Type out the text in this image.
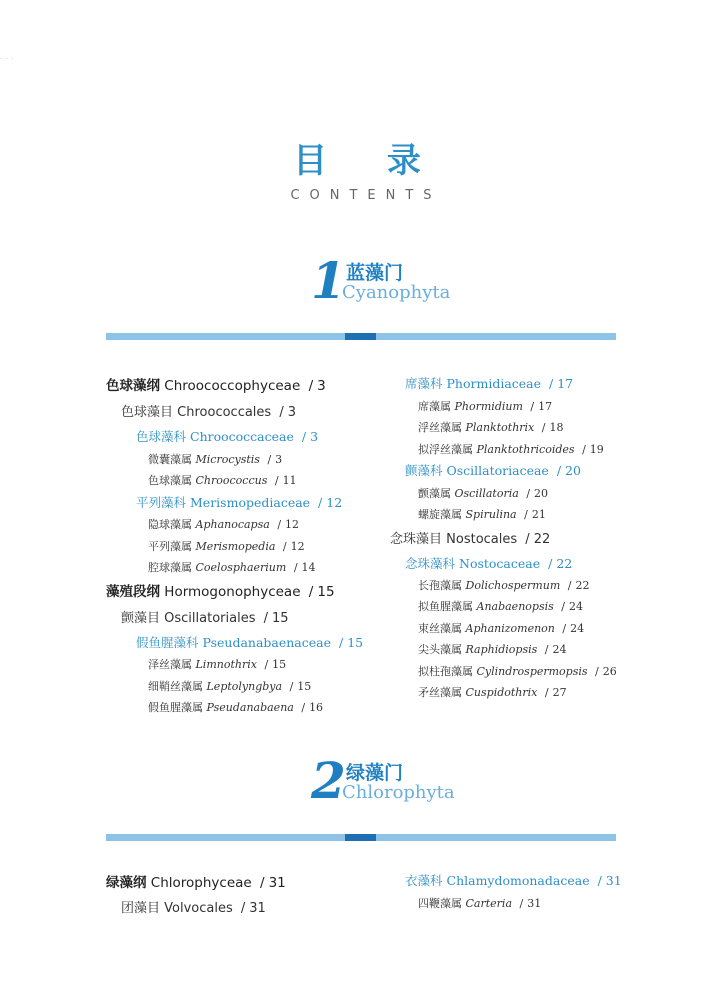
· · ·
目 录
CONTENTS
1 蓝藻门
Cyanophyta
2 绿藻门
Chlorophyta
色球藻纲 Chroococcophyceae / 3
色球藻目 Chroococcales / 3
色球藻科 Chroococcaceae / 3
微囊藻属 Microcystis / 3
色球藻属 Chroococcus / 11
平列藻科 Merismopediaceae / 12
隐球藻属 Aphanocapsa / 12
平列藻属 Merismopedia / 12
腔球藻属 Coelosphaerium / 14
藻殖段纲 Hormogonophyceae / 15
颤藻目 Oscillatoriales / 15
假鱼腥藻科 Pseudanabaenaceae / 15
泽丝藻属 Limnothrix / 15
细鞘丝藻属 Leptolyngbya / 15
假鱼腥藻属 Pseudanabaena / 16
席藻科 Phormidiaceae / 17
席藻属 Phormidium / 17
浮丝藻属 Planktothrix / 18
拟浮丝藻属 Planktothricoides / 19
颤藻科 Oscillatoriaceae / 20
颤藻属 Oscillatoria / 20
螺旋藻属 Spirulina / 21
念珠藻目 Nostocales / 22
念珠藻科 Nostocaceae / 22
长孢藻属 Dolichospermum / 22
拟鱼腥藻属 Anabaenopsis / 24
束丝藻属 Aphanizomenon / 24
尖头藻属 Raphidiopsis / 24
拟柱孢藻属 Cylindrospermopsis / 26
矛丝藻属 Cuspidothrix / 27
绿藻纲 Chlorophyceae / 31
团藻目 Volvocales / 31
衣藻科 Chlamydomonadaceae / 31
四鞭藻属 Carteria / 31
